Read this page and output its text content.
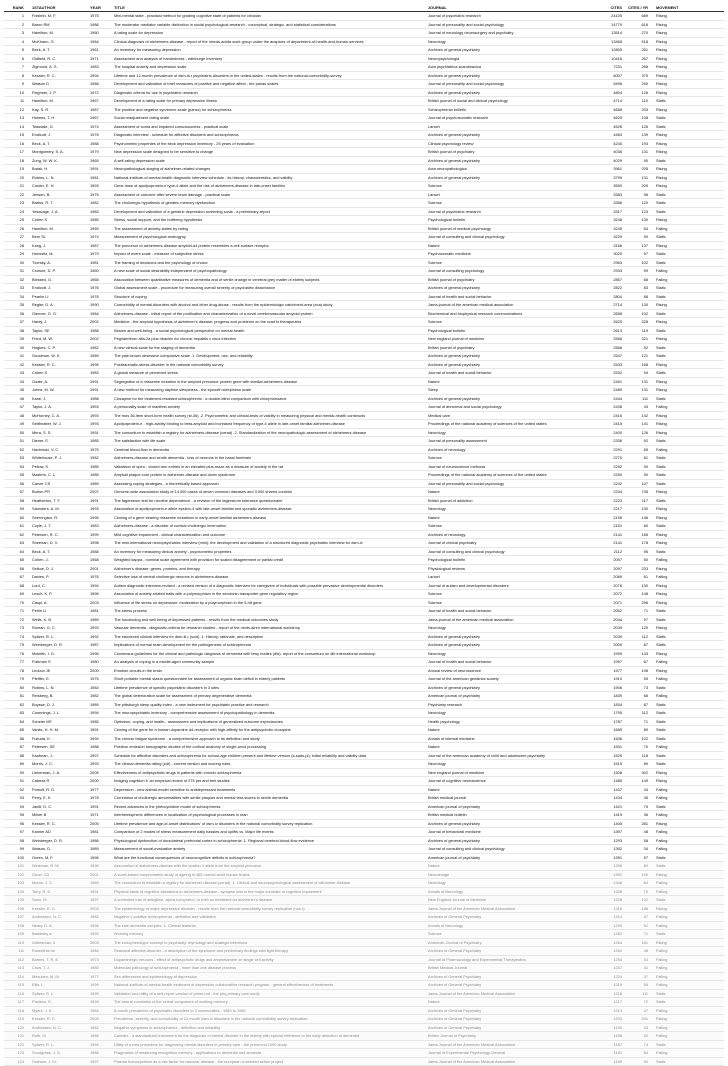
RANK	1STAUTHOR	YEAR	TITLE	JOURNAL	CITES	CITES / YR	MOVEMENT
1	Folstein, M. F.	1975	Mini-mental state - practical method for grading cognitive state of patients for clinician	Journal of psychiatric research	24105	689	Rising
2	Baron RM	1986	The moderator mediator variable distinction in social psychological-research - conceptual, strategic, and statistical considerations	Journal of personality and social psychology	14779	616	Rising
3	Hamilton, M.	1960	A rating scale for depression	Journal of neurology neurosurgery and psychiatry	13514	270	Rising
4	McKhann, G.	1984	Clinical-diagnosis of alzheimers-disease - report of the nincds-adrda work group under the auspices of department-of-health-and-human-services	Neurology	13468	518	Rising
5	Beck, A. T.	1961	An inventory for measuring depression	Archives of general psychiatry	12805	261	Rising
6	Oldfield, R. C.	1971	Assessment and analysis of handedness - edinburgh inventory	Neuropsychologia	10416	267	Rising
7	Zigmond, A. S.	1983	The hospital anxiety and depression scale	Acta psychiatrica scandinavica	7231	268	Rising
8	Kessler, R. C.	1994	Lifetime and 12-month prevalence of dsm-iii-r psychiatric-disorders in the united-states - results from the national-comorbidity-survey	Archives of general psychiatry	6007	375	Rising
9	Watson D	1988	Development and validation of brief measures of positive and negative affect - the panas scales	Journal of personality and social psychology	5496	250	Rising
10	Feighner, J. P.	1972	Diagnostic criteria for use in psychiatric research	Archives of general psychiatry	4804	126	Rising
11	Hamilton, M.	1967	Development of a rating scale for primary depressive illness	British journal of social and clinical psychology	4714	110	Static
12	Kay, S. R.	1987	The positive and negative syndrome scale (panss) for schizophrenia	Schizophrenia bulletin	4658	203	Rising
13	Holmes, T. H.	1967	Social readjustment rating scale	Journal of psychosomatic research	4625	108	Static
14	Teasdale, G.	1974	Assessment of coma and impaired consciousness - practical scale	Lancet	4526	126	Static
15	Endicott, J.	1978	Diagnostic interview - schedule for affective disorders and schizophrenia	Archives of general psychiatry	4463	139	Rising
16	Beck, A. T.	1988	Psychometric properties of the beck depression inventory - 25 years of evaluation	Clinical psychology review	4240	193	Rising
17	Montgomery, S. A.	1979	New depression scale designed to be sensitive to change	British journal of psychiatry	4036	131	Rising
18	Zung, W. W. K.	1965	A self-rating depression scale	Archives of general psychiatry	4029	90	Static
19	Braak, H.	1991	Neuropathological staging of alzheimer-related changes	Acta neuropathologica	3961	205	Rising
20	Robins, L. N.	1981	National-institute-of-mental-health diagnostic interview schedule - its history, characteristics, and validity	Archives of general psychiatry	3799	131	Rising
21	Corder, E. H.	1993	Gene dose of apolipoprotein-e type-4 allele and the risk of alzheimers-disease in late-onset families	Science	3550	209	Rising
22	Jensen, B.	1975	Assessment of outcome after severe brain damage - practical scale	Lancet	3383	96	Static
23	Bartus, R. T.	1982	The cholinergic hypothesis of geriatric memory dysfunction	Science	3356	120	Static
24	Yesavage, J. A.	1983	Development and validation of a geriatric depression screening scale - a preliminary-report	Journal of psychiatric research	3317	123	Static
25	Cohen S	1985	Stress, social support, and the buffering hypothesis	Psychological bulletin	3248	130	Rising
26	Hamilton, M.	1959	The assessment of anxiety-states by rating	British journal of medical psychology	3245	64	Falling
27	Bem SL	1974	Measurement of psychological androgyny	Journal of consulting and clinical psychology	3229	90	Static
28	Kang, J.	1987	The precursor of alzheimers-disease amyloid-a4 protein resembles a cell-surface receptor	Nature	3156	137	Rising
29	Horowitz, M.	1979	Impact of event scale - measure of subjective stress	Psychosomatic medicine	3020	97	Static
30	Tversky, A.	1981	The framing of decisions and the psychology of choice	Science	2963	102	Static
31	Crowne, D. P.	1960	A new scale of social desirability independent of psychopathology	Journal of consulting psychology	2933	59	Falling
32	Blessed, G.	1968	Association between quantitative measures of dementia and of senile change in cerebral grey matter of elderly subjects	British journal of psychiatry	2857	68	Falling
33	Endicott, J.	1976	Global assessment scale - procedure for measuring overall severity of psychiatric disturbance	Archives of general psychiatry	2822	83	Static
34	Pearlin LI	1978	Structure of coping	Journal of health and social behavior	2804	88	Static
35	Regier, D. A.	1990	Comorbidity of mental-disorders with alcohol and other drug-abuse - results from the epidemiologic catchment-area (eca) study	Jama-journal of the american medical association	2714	130	Rising
36	Glenner, G. G.	1984	Alzheimers-disease - initial report of the purification and characterization of a novel cerebrovascular amyloid protein	Biochemical and biophysical research communications	2658	102	Static
37	Hardy, J.	2002	Medicine - the amyloid hypothesis of alzheimer's disease: progress and problems on the road to therapeutics	Science	2625	328	Rising
38	Taylor, SE	1988	Illusion and well-being - a social psychological perspective on mental-health	Psychological bulletin	2613	119	Static
39	Fried, M. W.	2002	Peginterferon alfa-2a plus ribavirin for chronic hepatitis c virus infection	New england journal of medicine	2566	321	Rising
40	Hughes, C. P.	1982	A new clinical-scale for the staging of dementia	British journal of psychiatry	2566	92	Static
41	Goodman, W. K.	1989	The yale-brown obsessive compulsive scale .1. Development, use, and reliability	Archives of general psychiatry	2547	121	Static
42	Kessler, R. C.	1995	Posttraumatic-stress-disorder in the national comorbidity survey	Archives of general psychiatry	2533	168	Rising
43	Cohen S	1983	A global measure of perceived stress	Journal of health and social behavior	2532	94	Static
44	Goate, A.	1991	Segregation of a missense mutation in the amyloid precursor protein gene with familial alzheimers-disease	Nature	2491	131	Rising
45	Johns, M. W.	1991	A new method for measuring daytime sleepiness - the epworth sleepiness scale	Sleep	2489	131	Rising
46	Kane, J.	1988	Clozapine for the treatment-resistant schizophrenic - a double-blind comparison with chlorpromazine	Archives of general psychiatry	2444	111	Static
47	Taylor, J. A.	1953	A personality scale of manifest anxiety	Journal of abnormal and social psychology	2438	43	Falling
48	McHorney, C. A.	1993	The mos 36-item short-form health survey (sf-36) .2. Psychometric and clinical-tests of validity in measuring physical and mental-health constructs	Medical care	2416	142	Rising
49	Strittmatter, W. J.	1993	Apolipoprotein-e - high-avidity binding to beta-amyloid and increased frequency of type-4 allele in late-onset familial alzheimer-disease	Proceedings of the national academy of sciences of the united states	2415	141	Rising
50	Mirra, S. S.	1991	The consortium to establish a registry for alzheimers-disease (cerad) .2. Standardization of the neuropathologic assessment of alzheimers-disease	Neurology	2400	126	Rising
51	Diener, E.	1985	The satisfaction with life scale	Journal of personality assessment	2336	92	Static
52	Hachinski, V. C.	1975	Cerebral blood-flow in dementia	Archives of neurology	2291	65	Falling
53	Whitehouse, P. J.	1982	Alzheimers-disease and senile dementia - loss of neurons in the basal forebrain	Science	2270	81	Static
54	Pellow, S.	1985	Validation of open - closed arm entries in an elevated plus-maze as a measure of anxiety in the rat	Journal of neuroscience methods	2252	90	Static
55	Masters, C. L.	1985	Amyloid plaque core protein in alzheimer-disease and down syndrome	Proceedings of the national academy of sciences of the united states	2250	90	Static
56	Carver CS	1989	Assessing coping strategies - a theoretically based approach	Journal of personality and social psychology	2242	107	Static
57	Burton PR	2007	Genome-wide association study of 14,000 cases of seven common diseases and 3,000 shared controls	Nature	2234	745	Rising
58	Heatherton, T. F.	1991	The fagerstrom test for nicotine dependence - a revision of the fagerstrom tolerance questionnaire	British journal of addiction	2223	117	Static
59	Saunders, A. M.	1993	Association of apolipoprotein-e allele epsilon-4 with late-onset familial and sporadic alzheimers-disease	Neurology	2217	130	Rising
60	Sherrington, R.	1995	Cloning of a gene bearing missense mutations in early-onset familial alzheimers-disease	Nature	2196	146	Rising
61	Coyle, J. T.	1983	Alzheimers-disease - a disorder of cortical cholinergic innervation	Science	2151	80	Static
62	Petersen, R. C.	1999	Mild cognitive impairment - clinical characterization and outcome	Archives of neurology	2141	165	Rising
63	Sheehan, D. V.	1998	The mini-international neuropsychiatric interview (mini): the development and validation of a structured diagnostic psychiatric interview for dsm-iv	Journal of clinical psychiatry	2141	178	Rising
64	Beck, A. T.	1988	An inventory for measuring clinical anxiety - psychometric properties	Journal of consulting and clinical psychology	2112	96	Static
65	Cohen, J.	1968	Weighted kappa - nominal scale agreement with provision for scaled disagreement or partial credit	Psychological bulletin	2097	50	Falling
66	Selkoe, D. J.	2001	Alzheimer's disease: genes, proteins, and therapy	Physiological reviews	2097	233	Rising
67	Davies, P.	1976	Selective loss of central cholinergic neurons in alzheimers-disease	Lancet	2089	61	Falling
68	Lord, C.	1994	Autism diagnostic interview-revised - a revised version of a diagnostic interview for caregivers of individuals with possible pervasive developmental disorders	Journal of autism and developmental disorders	2076	130	Rising
69	Lesch, K. P.	1996	Association of anxiety-related traits with a polymorphism in the serotonin transporter gene regulatory region	Science	2072	148	Rising
70	Caspi, A.	2003	Influence of life stress on depression: moderation by a polymorphism in the 5-htt gene	Science	2071	296	Rising
71	Perlin LI	1981	The stress process	Journal of health and social behavior	2052	71	Static
72	Wells, K. B.	1989	The functioning and well-being of depressed-patients - results from the medical outcomes study	Jama-journal of the american medical association	2044	97	Static
73	Roman, G. C.	1993	Vascular dementia - diagnostic-criteria for research studies - report of the ninds-airen international workshop	Neurology	2039	120	Rising
74	Spitzer, R. L.	1992	The structured clinical interview for dsm-iii-r (scid) .1. History, rationale, and description	Archives of general psychiatry	2039	112	Static
75	Weinberger, D. R.	1987	Implications of normal brain-development for the pathogenesis of schizophrenia	Archives of general psychiatry	2000	87	Static
76	Mckeith, I. G.	1996	Consensus guidelines for the clinical and pathologic diagnosis of dementia with lewy bodies (dlb): report of the consortium on dlb international workshop	Neurology	1999	143	Rising
77	Folkman S	1980	An analysis of coping in a middle-aged community sample	Journal of health and social behavior	1997	67	Falling
78	Ledoux JE	2000	Emotion circuits in the brain	Annual review of neuroscience	1977	198	Rising
79	Pfeiffer, E.	1975	Short portable mental status questionnaire for assessment of organic brain deficit in elderly patients	Journal of the american geriatrics society	1910	55	Falling
80	Robins, L. N.	1984	Lifetime prevalence of specific psychiatric disorders in 3 sites	Archives of general psychiatry	1906	73	Static
81	Reisberg, B.	1982	The global deterioration scale for assessment of primary degenerative dementia	American journal of psychiatry	1839	66	Falling
82	Buysse, D. J.	1989	The pittsburgh sleep quality index - a new instrument for psychiatric practice and research	Psychiatry research	1834	87	Static
83	Cummings, J. L.	1994	The neuropsychiatric inventory - comprehensive assessment of psychopathology in dementia	Neurology	1795	112	Static
84	Scheier MF	1985	Optimism, coping, and health - assessment and implications of generalized outcome expectancies	Health psychology	1787	71	Static
85	Vanitz, H. H. M.	1991	Cloning of the gene for a human dopamine d4-receptor with high-affinity for the antipsychotic clozapine	Nature	1685	89	Static
86	Fukuda, K.	1994	The chronic fatigue syndrome - a comprehensive approach to its definition and study	Annals of internal medicine	1636	102	Static
87	Petersen, SE	1988	Positron emission tomographic studies of the cortical anatomy of single-word processing	Nature	1531	70	Falling
88	Kaufman, J.	1997	Schedule for affective disorders and schizophrenia for school-age children present and lifetime version (k-sads-pl): initial reliability and validity data	Journal of the american academy of child and adolescent psychiatry	1529	118	Static
89	Morris, J. C.	1993	The clinical dementia rating (cdr) - current version and scoring rules	Neurology	1515	89	Static
90	Lieberman, J. A.	2005	Effectiveness of antipsychotic drugs in patients with chronic schizophrenia	New england journal of medicine	1508	302	Rising
91	Cabeza R	2000	Imaging cognition ii: an empirical review of 275 pet and fmri studies	Journal of cognitive neuroscience	1485	149	Rising
92	Porsolt, R. D.	1977	Depression - new animal-model sensitive to antidepressant treatments	Nature	1437	44	Falling
93	Perry, E. K.	1978	Correlation of cholinergic abnormalities with senile plaques and mental test-scores in senile dementia	British medical journal	1434	45	Falling
94	Javitt, D. C.	1991	Recent advances in the phencyclidine model of schizophrenia	American journal of psychiatry	1421	75	Static
95	Milner B	1971	Interhemispheric differences in localization of psychological processes in man	British medical bulletin	1419	36	Falling
96	Kessler, R. C.	2005	Lifetime prevalence and age-of-onset distributions' of dsm-iv disorders in the national comorbidity survey replication	Archives of general psychiatry	1405	281	Rising
97	Kanner AD	1981	Comparison of 2 modes of stress measurement daily hassles and uplifts vs. Major life events	Journal of behavioral medicine	1397	48	Falling
98	Weinberger, D. R.	1986	Physiological dysfunction of dorsolateral prefrontal cortex in schizophrenia .1. Regional cerebral blood-flow evidence	Archives of general psychiatry	1293	58	Falling
99	Watson, D.	1989	Measurement of social-evaluative anxiety	Journal of consulting and clinical psychology	1392	34	Falling
100	Green, M. F.	1996	What are the functional consequences of neurocognitive deficits in schizophrenia?	American journal of psychiatry	1391	97	Static
101	Weisman, R. M.	1996	Association of alzheimers-disease with the epsilon 4 allele from the amyloid precursor	Nature	1358	80	Static
102	Good, CD	2001	A voxel-based morphometric study of ageing in 465 normal adult human brains	Neuroimage	1352	150	Rising
103	Morris, J. C.	1989	The consortium to establish a registry for alzheimer-disease (cerad) .1. Clinical and neuropsychological assessment of alzheimer-disease	Neurology	1346	64	Falling
104	Terry, R. D.	1991	Physical basis of cognitive alterations in alzheimers-disease - synapse loss is the major correlate of cognitive impairment	Annals of Neurology	1338	70	Falling
105	Sano, M.	1997	A controlled trial of selegiline, alpha-tocopherol, or both as treatment for alzheimer's disease	New England Journal of Medicine	1328	102	Static
106	Kessler, R. C.	2003	The epidemiology of major depressive disorder - results from the national comorbidity survey replication (ncs-r)	Jama-Journal of the American Medical Association	1318	188	Rising
107	Andreasen, N. C.	1982	Negative v positive schizophrenia - definition and validation	Archives of General Psychiatry	1314	47	Falling
108	Neary, D. A.	1998	The side dementia complex .1. Clinical features	Annals of Neurology	1293	52	Falling
109	Baddeley a	1992	Working memory	Science	1282	71	Static
110	Gottesman, II	2003	The endophenotype concept in psychiatry: etymology and strategic intentions	American Journal of Psychiatry	1264	181	Rising
111	Rosenthal ne	1984	Seasonal affective-disorder - a description of the syndrome and preliminary findings with light therapy	Archives of General Psychiatry	1260	48	Falling
112	Barnes, T. R. E.	1973	Dopaminergic neurons - effect of antipsychotic drugs and amphetamine on single cell activity	Journal of Pharmacology and Experimental Therapeutics	1254	34	Falling
113	Crow, T. J.	1980	Molecular pathology of schizophrenia - more than one disease process	British Medical Journal	1237	41	Falling
114	Mesulam, M. M.	1977	Sex-differences and epidemiology of depression	Archives of General Psychiatry	1224	37	Falling
115	Ellis, L.	1999	National-institute-of-mental-health treatment of depression collaborative research-program - general effectiveness of treatments	Archives of General Psychiatry	1219	55	Falling
116	Spitzer, R. L.	1999	Validation and utility of a self-report version of prime-md - the phq primary care study	Jama-Journal of the American Medical Association	1218	111	Static
117	Paulesu, E.	1993	The neural correlates of the verbal component of working memory	Nature	1217	72	Static
118	Myers, J. K.	1984	6-month prevalence of psychiatric disorders in 3 communities - 1980 to 1982	Archives of General Psychiatry	1213	47	Falling
119	Kessler, R. C.	2005	Prevalence, severity, and comorbidity of 12-month dsm-iv disorders in the national comorbidity survey replication	Archives of General Psychiatry	1203	241	Rising
120	Andreasen, N. C.	1982	Negative symptoms in schizophrenia - definition and reliability	Archives of General Psychiatry	1190	43	Falling
121	Roth, M.	1986	Camdex - a standardized instrument for the diagnosis of mental disorder in the elderly with special reference to the early detection of dementia	British Journal of Psychiatry	1188	50	Falling
122	Spitzer, R. L.	1994	Utility of a new procedure for diagnosing mental disorders in primary-care - the prime-md 1000 study	Jama-Journal of the American Medical Association	1187	74	Static
123	Snodgrass, J. G.	1988	Pragmatics of measuring recognition memory - applications to dementia and amnesia	Journal of Experimental Psychology-General	1181	54	Falling
124	Graham, J. M.	1997	Plasma homocysteine as a risk factor for vascular disease - the european concerted action project	Jama-Journal of the American Medical Association	1180	90	Static
